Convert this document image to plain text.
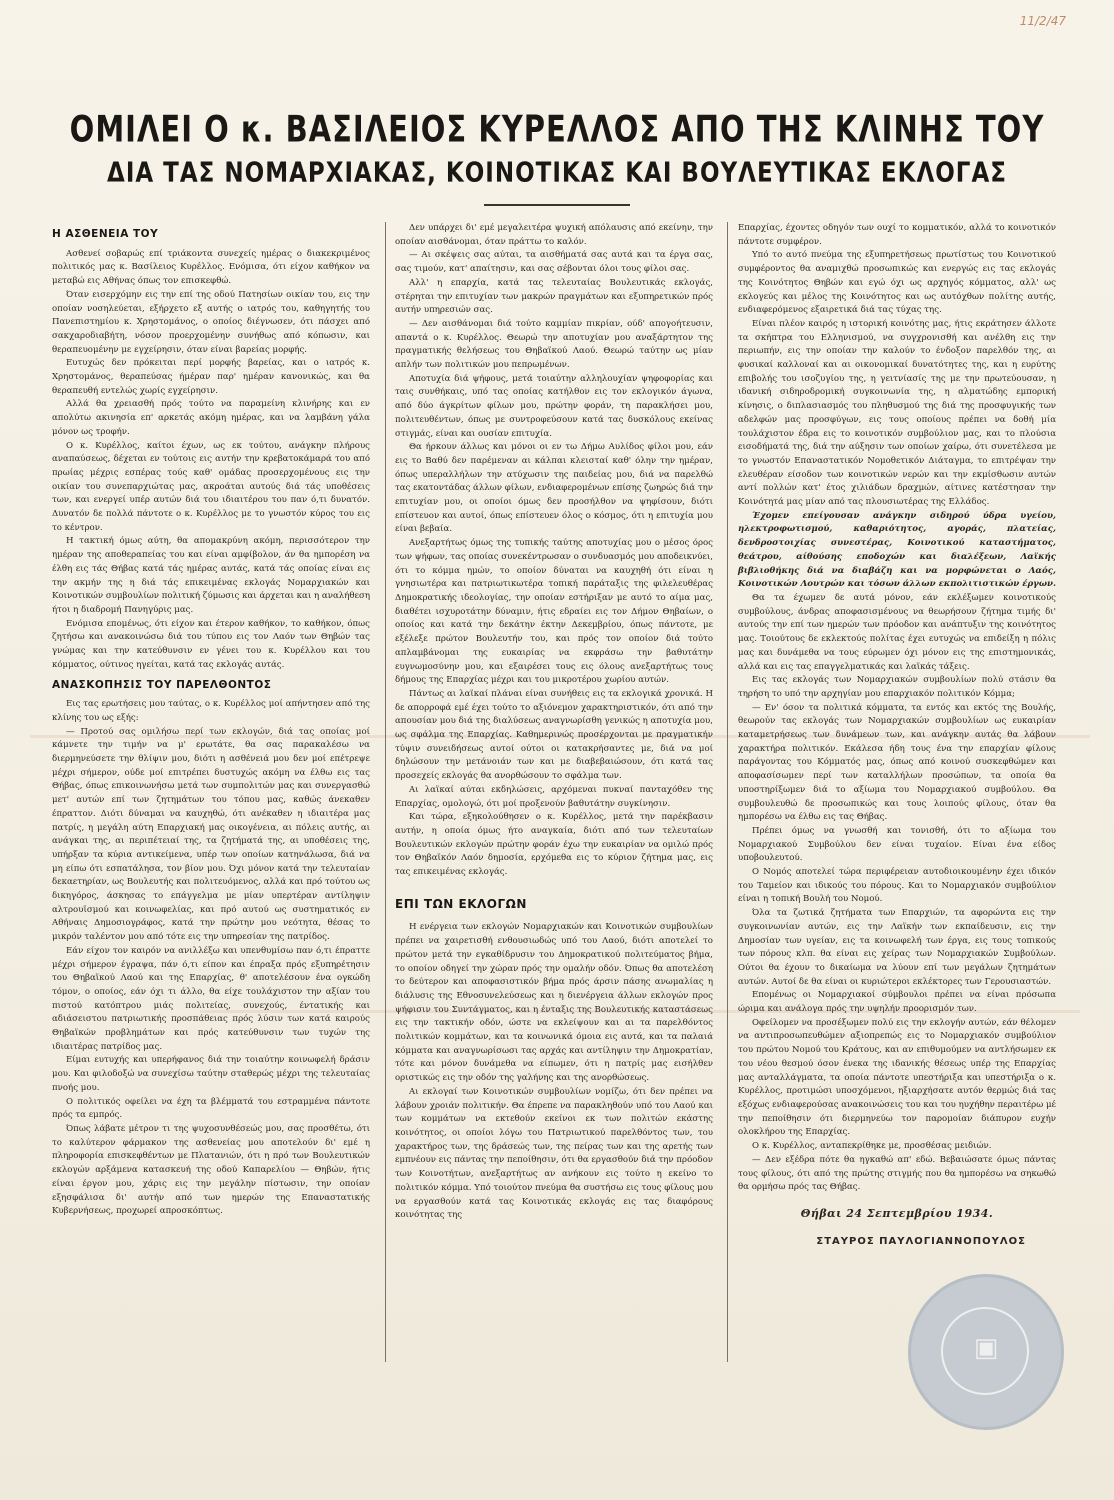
11/2/47
ΟΜΙΛΕΙ Ο κ. ΒΑΣΙΛΕΙΟΣ ΚΥΡΕΛΛΟΣ ΑΠΟ ΤΗΣ ΚΛΙΝΗΣ ΤΟΥ
ΔΙΑ ΤΑΣ ΝΟΜΑΡΧΙΑΚΑΣ, ΚΟΙΝΟΤΙΚΑΣ ΚΑΙ ΒΟΥΛΕΥΤΙΚΑΣ ΕΚΛΟΓΑΣ
Η ΑΣΘΕΝΕΙΑ ΤΟΥ

Ασθενεί σοβαρώς επί τριάκοντα συνεχείς ημέρας ο διακεκριμένος πολιτικός μας κ. Βασίλειος Κυρέλλος. Ενόμισα, ότι είχον καθήκον να μεταβώ εις Αθήνας όπως τον επισκεφθώ.

Όταν εισερχόμην εις την επί της οδού Πατησίων οικίαν του, εις την οποίαν νοσηλεύεται, εξήρχετο εξ αυτής ο ιατρός του, καθηγητής του Πανεπιστημίου κ. Χρηστομάνος, ο οποίος διέγνωσεν, ότι πάσχει από σακχαροδιαβήτη, νόσον προερχομένην συνήθως από κόπωσιν, και θεραπευομένην με εγχείρησιν, όταν είναι βαρείας μορφής.

Ευτυχώς δεν πρόκειται περί μορφής βαρείας, και ο ιατρός κ. Χρηστομάνος, θεραπεύσας ήμέραν παρ' ημέραν κανονικώς, και θα θεραπευθή εντελώς χωρίς εγχείρησιν.

Αλλά θα χρειασθή πρός τούτο να παραμείνη κλινήρης και εν απολύτω ακινησία επ' αρκετάς ακόμη ημέρας, και να λαμβάνη γάλα μόνον ως τροφήν.

Ο κ. Κυρέλλος, καίτοι έχων, ως εκ τούτου, ανάγκην πλήρους αναπαύσεως, δέχεται εν τούτοις εις αυτήν την κρεβατοκάμαρά του από πρωίας μέχρις εσπέρας τούς καθ' ομάδας προσερχομένους εις την οικίαν του συνεπαρχιώτας μας, ακροάται αυτούς διά τάς υποθέσεις των, και ενεργεί υπέρ αυτών διά του ιδιαιτέρου του παν ό,τι δυνατόν. Δυνατόν δε πολλά πάντοτε ο κ. Κυρέλλος με το γνωστόν κύρος του εις το κέντρον.

Η τακτική όμως αύτη, θα απομακρύνη ακόμη, περισσότερον την ημέραν της αποθεραπείας του και είναι αμφίβολον, άν θα ημπορέση να έλθη εις τάς Θήβας κατά τάς ημέρας αυτάς, κατά τάς οποίας είναι εις την ακμήν της η διά τάς επικειμένας εκλογάς Νομαρχιακών και Κοινοτικών συμβουλίων πολιτική ζύμωσις και άρχεται και η αναλήθεση ήτοι η διαδρομή Πανηγύρις μας.

Ενόμισα επομένως, ότι είχον και έτερον καθήκον, το καθήκον, όπως ζητήσω και ανακοινώσω διά του τύπου εις τον Λαόν των Θηβών τας γνώμας και την κατεύθυνσιν εν γένει του κ. Κυρέλλου και του κόμματος, ούτινος ηγείται, κατά τας εκλογάς αυτάς.

ΑΝΑΣΚΟΠΗΣΙΣ ΤΟΥ ΠΑΡΕΛΘΟΝΤΟΣ

Εις τας ερωτήσεις μου ταύτας, ο κ. Κυρέλλος μοί απήντησεν από της κλίνης του ως εξής:

— Προτού σας ομιλήσω περί των εκλογών, διά τας οποίας μοί κάμνετε την τιμήν να μ' ερωτάτε, θα σας παρακαλέσω να διερμηνεύσετε την θλίψιν μου, διότι η ασθένειά μου δεν μοί επέτρεψε μέχρι σήμερον, ούδε μοί επιτρέπει δυστυχώς ακόμη να έλθω εις τας Θήβας, όπως επικοινωνήσω μετά των συμπολιτών μας και συνεργασθώ μετ' αυτών επί των ζητημάτων του τόπου μας, καθώς άνεκαθεν έπραττον. Διότι δύναμαι να καυχηθώ, ότι ανέκαθεν η ιδιαιτέρα μας πατρίς, η μεγάλη αύτη Επαρχιακή μας οικογένεια, αι πόλεις αυτής, αι ανάγκαι της, αι περιπέτειαί της, τα ζητήματά της, αι υποθέσεις της, υπήρξαν τα κύρια αντικείμενα, υπέρ των οποίων κατηνάλωσα, διά να μη είπω ότι εσπατάλησα, τον βίον μου. Όχι μόνον κατά την τελευταίαν δεκαετηρίαν, ως Βουλευτής και πολιτευόμενος, αλλά και πρό τούτου ως δικηγόρος, άσκησας το επάγγελμα με μίαν υπερτέραν αντίληψιν αλτρουϊσμού και κοινωφελίας, και πρό αυτού ως συστηματικός εν Αθήναις Δημοσιογράφος, κατά την πρώτην μου νεότητα, θέσας το μικρόν ταλέντον μου από τότε εις την υπηρεσίαν της πατρίδος.

Εάν είχον τον καιρόν να ανιλλέξω και υπενθυμίσω παν ό,τι έπραττε μέχρι σήμερον έγραψα, πάν ό,τι είπον και έπραξα πρός εξυπηρέτησιν του Θηβαϊκού Λαού και της Επαρχίας, θ' αποτελέσουν ένα ογκώδη τόμον, ο οποίος, εάν όχι τι άλλο, θα είχε τουλάχιστον την αξίαν του πιστού κατόπτρου μιάς πολιτείας, συνεχούς, έντατικής και αδιάσειστου πατριωτικής προσπάθειας πρός λύσιν των κατά καιρούς Θηβαϊκών προβλημάτων και πρός κατεύθυνσιν των τυχών της ιδιαιτέρας πατρίδος μας.

Είμαι ευτυχής και υπερήφανος διά την τοιαύτην κοινωφελή δράσιν μου. Και φιλοδοξώ να συνεχίσω ταύτην σταθερώς μέχρι της τελευταίας πνοής μου.

Ο πολιτικός οφείλει να έχη τα βλέμματά του εστραμμένα πάντοτε πρός τα εμπρός.

Όπως λάβατε μέτρον τι της ψυχοσυνθέσεώς μου, σας προσθέτω, ότι το καλύτερον φάρμακον της ασθενείας μου αποτελούν δι' εμέ η πληροφορία επισκεφθέντων με Πλατανιών, ότι η πρό των Βουλευτικών εκλογών αρξάμενα κατασκευή της οδού Καπαρελίου — Θηβών, ήτις είναι έργον μου, χάρις εις την μεγάλην πίστωσιν, την οποίαν εξησφάλισα δι' αυτήν από των ημερών της Επαναστατικής Κυβερνήσεως, προχωρεί απροσκόπτως.

Δεν υπάρχει δι' εμέ μεγαλειτέρα ψυχική απόλαυσις από εκείνην, την οποίαν αισθάνομαι, όταν πράττω το καλόν.

— Αι σκέψεις σας αύται, τα αισθήματά σας αυτά και τα έργα σας, σας τιμούν, κατ' απαίτησιν, και σας σέβονται όλοι τους φίλοι σας.

Αλλ' η επαρχία, κατά τας τελευταίας Βουλευτικάς εκλογάς, στέρηται την επιτυχίαν των μακρών πραγμάτων και εξυπηρετικών πρός αυτήν υπηρεσιών σας.

— Δεν αισθάνομαι διά τούτο καμμίαν πικρίαν, ούδ' απογοήτευσιν, απαντά ο κ. Κυρέλλος. Θεωρώ την αποτυχίαν μου αναξάρτητον της πραγματικής θελήσεως του Θηβαϊκού Λαού. Θεωρώ ταύτην ως μίαν απλήν των πολιτικών μου πεπρωμένων.

Αποτυχία διά ψήφους, μετά τοιαύτην αλληλουχίαν ψηφοφορίας και ταις συνθήκαις, υπό τας οποίας κατήλθον εις τον εκλογικόν άγωνα, από δύο άγκρίτων φίλων μου, πρώτην φοράν, τη παρακλήσει μου, πολιτευθέντων, όπως με συντροφεύσουν κατά τας δυσκόλους εκείνας στιγμάς, είναι και ουσίαν επιτυχία.

Θα ήρκουν άλλως και μόνοι οι εν τω Δήμω Αυλίδος φίλοι μου, εάν εις το Βαθύ δεν παρέμεναν αι κάλπαι κλεισταί καθ' όλην την ημέραν, όπως υπεραλλήλων την ατύχωσιν της παιδείας μου, διά να παρελθώ τας εκατοντάδας άλλων φίλων, ενδιαφερομένων επίσης ζωηρώς διά την επιτυχίαν μου, οι οποίοι όμως δεν προσήλθον να ψηφίσουν, διότι επίστευον και αυτοί, όπως επίστευεν όλος ο κόσμος, ότι η επιτυχία μου είναι βεβαία.

Ανεξαρτήτως όμως της τυπικής ταύτης αποτυχίας μου ο μέσος όρος των ψήφων, τας οποίας συνεκέντρωσαν ο συνδυασμός μου αποδεικνύει, ότι το κόμμα ημών, το οποίον δύναται να καυχηθή ότι είναι η γνησιωτέρα και πατριωτικωτέρα τοπική παράταξις της φιλελευθέρας Δημοκρατικής ιδεολογίας, την οποίαν εστήριξαν με αυτό το αίμα μας, διαθέτει ισχυροτάτην δύναμιν, ήτις εδραίει εις τον Δήμον Θηβαίων, ο οποίος και κατά την δεκάτην έκτην Δεκεμβρίου, όπως πάντοτε, με εξέλεξε πρώτον Βουλευτήν του, και πρός τον οποίον διά τούτο απλαμβάνομαι της ευκαιρίας να εκφράσω την βαθυτάτην ευγνωμοσύνην μου, και εξαιρέσει τους εις όλους ανεξαρτήτως τους δήμους της Επαρχίας μέχρι και του μικροτέρου χωρίου αυτών.

Πάντως αι λαϊκαί πλάναι είναι συνήθεις εις τα εκλογικά χρονικά. Η δε απορροφά εμέ έχει τούτο το αξιόνεμον χαρακτηριστικόν, ότι από την απουσίαν μου διά της διαλύσεως αναγνωρίσθη γενικώς η αποτυχία μου, ως σφάλμα της Επαρχίας. Καθημερινώς προσέρχονται με πραγματικήν τύψιν συνειδήσεως αυτοί ούτοι οι κατακρήσαντες με, διά να μοί δηλώσουν την μετάνοιάν των και με διαβεβαιώσουν, ότι κατά τας προσεχείς εκλογάς θα ανορθώσουν το σφάλμα των.

Αι λαϊκαί αύται εκδηλώσεις, αρχόμεναι πυκναί πανταχόθεν της Επαρχίας, ομολογώ, ότι μοί προξενούν βαθυτάτην συγκίνησιν.

Και τώρα, εξηκολούθησεν ο κ. Κυρέλλος, μετά την παρέκβασιν αυτήν, η οποία όμως ήτο αναγκαία, διότι από των τελευταίων Βουλευτικών εκλογών πρώτην φοράν έχω την ευκαιρίαν να ομιλώ πρός τον Θηβαϊκόν Λαόν δημοσία, ερχόμεθα εις το κύριον ζήτημα μας, εις τας επικειμένας εκλογάς.

ΕΠΙ ΤΩΝ ΕΚΛΟΓΩΝ

Η ενέργεια των εκλογών Νομαρχιακών και Κοινοτικών συμβουλίων πρέπει να χαιρετισθή ενθουσιωδώς υπό του Λαού, διότι αποτελεί το πρώτον μετά την εγκαθίδρυσιν του Δημοκρατικού πολιτεύματος βήμα, το οποίον οδηγεί την χώραν πρός την ομαλήν οδόν. Όπως θα αποτελέση το δεύτερον και αποφασιστικόν βήμα πρός άρσιν πάσης ανωμαλίας η διάλυσις της Εθνοσυνελεύσεως και η διενέργεια άλλων εκλογών προς ψήφισιν του Συντάγματος, και η ένταξις της Βουλευτικής καταστάσεως εις την τακτικήν οδόν, ώστε να εκλείψουν και αι τα παρελθόντος πολιτικών κομμάτων, και τα κοινωνικά όμοια εις αυτά, και τα παλαιά κόμματα και αναγνωρίσωσι τας αρχάς και αντίληψιν την Δημοκρατίαν, τότε και μόνον δυνάμεθα να είπωμεν, ότι η πατρίς μας εισήλθεν οριστικώς εις την οδόν της γαλήνης και της ανορθώσεως.

Αι εκλογαί των Κοινοτικών συμβουλίων νομίζω, ότι δεν πρέπει να λάβουν χροιάν πολιτικήν. Θα έπρεπε να παρακληθούν υπό του Λαού και των κομμάτων να εκτεθούν εκείνοι εκ των πολιτών εκάστης κοινότητος, οι οποίοι λόγω του Πατριωτικού παρελθόντος των, του χαρακτήρος των, της δράσεώς των, της πείρας των και της αρετής των εμπνέουν εις πάντας την πεποίθησιν, ότι θα εργασθούν διά την πρόοδον των Κοινοτήτων, ανεξαρτήτως αν ανήκουν εις τούτο η εκείνο το πολιτικόν κόμμα. Υπό τοιούτον πνεύμα θα συστήσω εις τους φίλους μου να εργασθούν κατά τας Κοινοτικάς εκλογάς εις τας διαφόρους κοινότητας της

Επαρχίας, έχοντες οδηγόν των ουχί το κομματικόν, αλλά το κοινοτικόν πάντοτε συμφέρον.

Υπό το αυτό πνεύμα της εξυπηρετήσεως πρωτίστως του Κοινοτικού συμφέροντος θα αναμιχθώ προσωπικώς και ενεργώς εις τας εκλογάς της Κοινότητος Θηβών και εγώ όχι ως αρχηγός κόμματος, αλλ' ως εκλογεύς και μέλος της Κοινότητος και ως αυτόχθων πολίτης αυτής, ενδιαφερόμενος εξαιρετικά διά τας τύχας της.

Είναι πλέον καιρός η ιστορική κοινότης μας, ήτις εκράτησεν άλλοτε τα σκήπτρα του Ελληνισμού, να συγχρονισθή και ανέλθη εις την περιωπήν, εις την οποίαν την καλούν το ένδοξον παρελθόν της, αι φυσικαί καλλοναί και αι οικονομικαί δυνατότητες της, και η ευρύτης επιβολής του ισοζυγίου της, η γειτνίασίς της με την πρωτεύουσαν, η ιδανική σιδηροδρομική συγκοινωνία της, η αλματώδης εμπορική κίνησις, ο διπλασιασμός του πληθυσμού της διά της προσφυγικής των αδελφών μας προσφύγων, εις τους οποίους πρέπει να δοθή μία τουλάχιστον έδρα εις το κοινοτικόν συμβούλιον μας, και το πλούσια εισοδήματά της, διά την αύξησιν των οποίων χαίρω, ότι συνετέλεσα με το γνωστόν Επαναστατικόν Νομοθετικόν Διάταγμα, το επιτρέψαν την ελευθέραν είσοδον των κοινοτικών νερών και την εκμίσθωσιν αυτών αντί πολλών κατ' έτος χιλιάδων δραχμών, αίτινες κατέστησαν την Κοινότητά μας μίαν από τας πλουσιωτέρας της Ελλάδος.

Έχομεν επείγουσαν ανάγκην σιδηρού ύδρα υγείου, ηλεκτροφωτισμού, καθαριότητος, αγοράς, πλατείας, δενδροστοιχίας συνεστέρας, Κοινοτικού καταστήματος, θεάτρου, αίθούσης εποδοχών και διαλέξεων, Λαϊκής βιβλιοθήκης διά να διαβάζη και να μορφώνεται ο Λαός, Κοινοτικών Λουτρών και τόσων άλλων εκπολιτιστικών έργων.

Θα τα έχωμεν δε αυτά μόνον, εάν εκλέξωμεν κοινοτικούς συμβούλους, άνδρας αποφασισμένους να θεωρήσουν ζήτημα τιμής δι' αυτούς την επί των ημερών των πρόοδον και ανάπτυξιν της κοινότητος μας. Τοιούτους δε εκλεκτούς πολίτας έχει ευτυχώς να επιδείξη η πόλις μας και δυνάμεθα να τους εύρωμεν όχι μόνον εις της επιστημονικάς, αλλά και εις τας επαγγελματικάς και λαϊκάς τάξεις.

Εις τας εκλογάς των Νομαρχιακών συμβουλίων πολύ στάσιν θα τηρήση το υπό την αρχηγίαν μου επαρχιακόν πολιτικόν Κόμμα;

— Εν' όσον τα πολιτικά κόμματα, τα εντός και εκτός της Βουλής, θεωρούν τας εκλογάς των Νομαρχιακών συμβουλίων ως ευκαιρίαν καταμετρήσεως των δυνάμεων των, και ανάγκην αυτάς θα λάβουν χαρακτήρα πολιτικόν. Εκάλεσα ήδη τους ένα την επαρχίαν φίλους παράγοντας του Κόμματός μας, όπως από κοινού συσκεφθώμεν και αποφασίσωμεν περί των καταλλήλων προσώπων, τα οποία θα υποστηρίξωμεν διά το αξίωμα του Νομαρχιακού συμβούλου. Θα συμβουλευθώ δε προσωπικώς και τους λοιπούς φίλους, όταν θα ημπορέσω να έλθω εις τας Θήβας.

Πρέπει όμως να γνωσθή και τονισθή, ότι το αξίωμα του Νομαρχιακού Συμβούλου δεν είναι τυχαίον. Είναι ένα είδος υποβουλευτού.

Ο Νομός αποτελεί τώρα περιφέρειαν αυτοδιοικουμένην έχει ιδικόν του Ταμείον και ιδικούς του πόρους. Και το Νομαρχιακόν συμβούλιον είναι η τοπική Βουλή του Νομού.

Όλα τα ζωτικά ζητήματα των Επαρχιών, τα αφορώντα εις την συγκοινωνίαν αυτών, εις την Λαϊκήν των εκπαίδευσιν, εις την Δημοσίαν των υγείαν, εις τα κοινωφελή των έργα, εις τους τοπικούς των πόρους κλπ. θα είναι εις χείρας των Νομαρχιακών Συμβούλων. Ούτοι θα έχουν το δικαίωμα να λύουν επί των μεγάλων ζητημάτων αυτών. Αυτοί δε θα είναι οι κυριώτεροι εκλέκτορες των Γερουσιαστών.

Επομένως οι Νομαρχιακοί σύμβουλοι πρέπει να είναι πρόσωπα ώριμα και ανάλογα πρός την υψηλήν προορισμόν των.

Οφείλομεν να προσέξωμεν πολύ εις την εκλογήν αυτών, εάν θέλομεν να αντιπροσωπευθώμεν αξιοπρεπώς εις το Νομαρχιακόν συμβούλιον του πρώτου Νομού του Κράτους, και αν επιθυμούμεν να αντλήσωμεν εκ του νέου θεσμού όσον ένεκα της ιδανικής θέσεως υπέρ της Επαρχίας μας ανταλλάγματα, τα οποία πάντοτε υπεστήριξα και υπεστήριξα ο κ. Κυρέλλος, προτιμώσι υποσχόμενοι, ηξιαρχήσατε αυτόν θερμώς διά τας εξόχως ενδιαφερούσας ανακοινώσεις του και του ηυχήθην περαιτέρω μέ την πεποίθησιν ότι διερμηνεύω τον παρομοίαν διάπυρον ευχήν ολοκλήρου της Επαρχίας.

Ο κ. Κυρέλλος, ανταπεκρίθηκε με, προσθέσας μειδιών.

— Δεν εξέδρα πότε θα ηγκαθώ απ' εδώ. Βεβαιώσατε όμως πάντας τους φίλους, ότι από της πρώτης στιγμής που θα ημπορέσω να σηκωθώ θα ορμήσω πρός τας Θήβας.

Θήβαι 24 Σεπτεμβρίου 1934.
ΣΤΑΥΡΟΣ ΠΑΥΛΟΓΙΑΝΝΟΠΟΥΛΟΣ
▣
